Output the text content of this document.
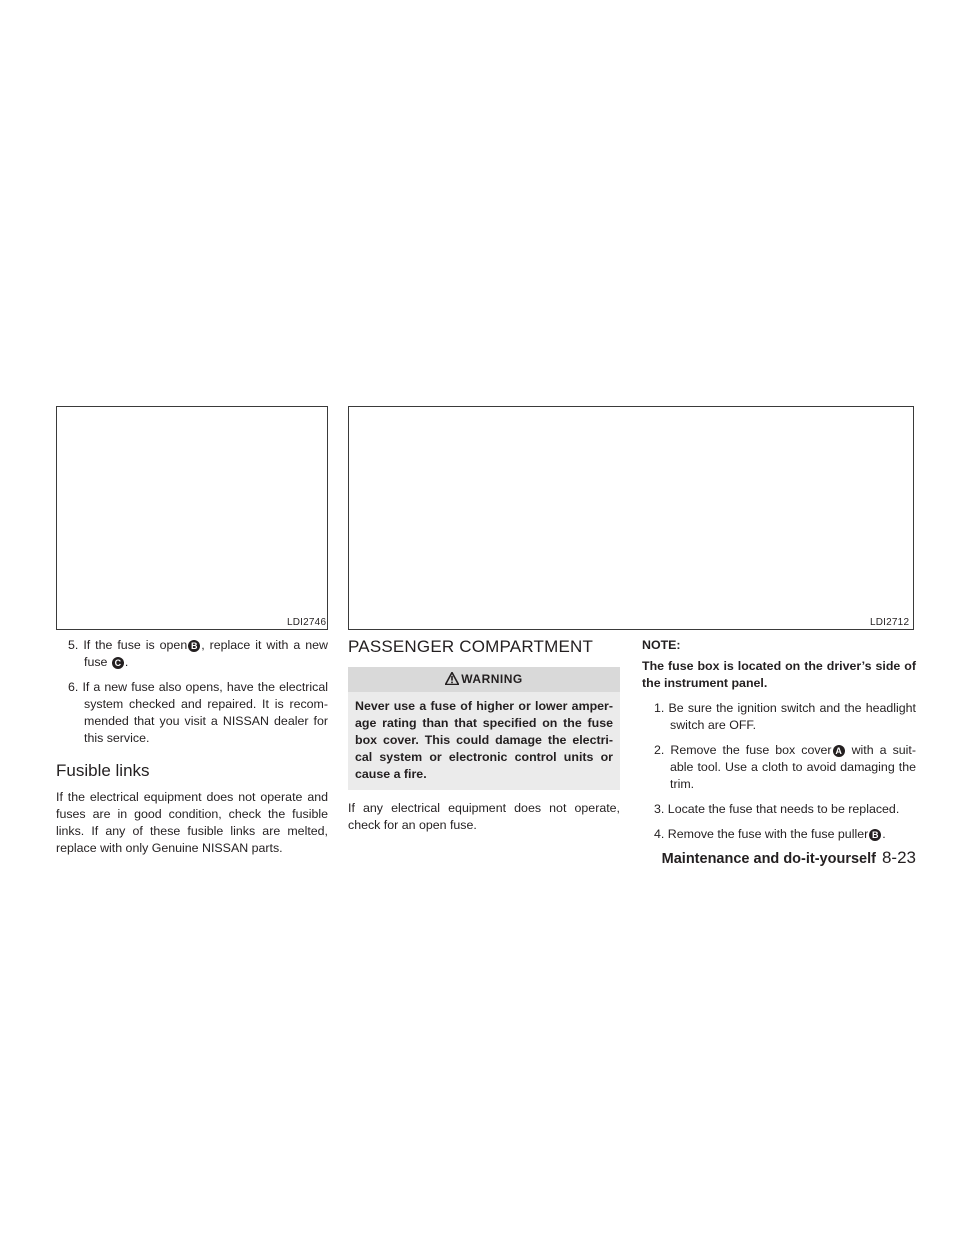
LDI2746	LDI2712

5. If the fuse is open B , replace it with a new fuse C .

6. If a new fuse also opens, have the electrical system checked and repaired. It is recom- mended that you visit a NISSAN dealer for this service.

Fusible links

If the electrical equipment does not operate and fuses are in good condition, check the fusible links. If any of these fusible links are melted, replace with only Genuine NISSAN parts.

PASSENGER COMPARTMENT
WARNING
Never use a fuse of higher or lower amper- age rating than that specified on the fuse box cover. This could damage the electri- cal system or electronic control units or cause a fire.

If any electrical equipment does not operate, check for an open fuse.

NOTE:

The fuse box is located on the driver’s side of the instrument panel.

1. Be sure the ignition switch and the headlight switch are OFF.

2. Remove the fuse box cover A with a suit- able tool. Use a cloth to avoid damaging the trim.

3. Locate the fuse that needs to be replaced.

4. Remove the fuse with the fuse puller B .

Maintenance and do-it-yourself 8-23
